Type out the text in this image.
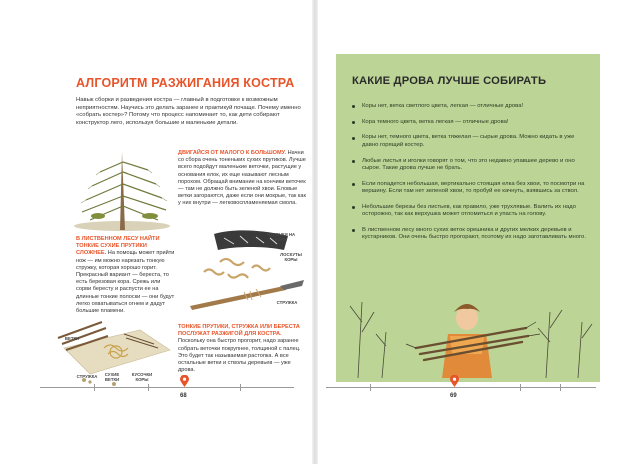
АЛГОРИТМ РАЗЖИГАНИЯ КОСТРА
Навык сборки и разведения костра — главный в подготовке к возможным неприятностям. Научись это делать заранее и практикуй почаще. Почему именно «собрать костер»? Потому что процесс напоминает то, как дети собирают конструктор лего, используя большие и маленькие детали.
ДВИГАЙСЯ ОТ МАЛОГО К БОЛЬШОМУ. Начни со сбора очень тоненьких сухих прутиков. Лучше всего подойдут маленькие веточки, растущие у основания елок, их еще называют лесным порохом. Обращай внимание на кончики веточек — там не должно быть зеленой хвои. Еловые ветки загораются, даже если они мокрые, так как у них внутри — легковоспламеняемая смола.
В ЛИСТВЕННОМ ЛЕСУ НАЙТИ ТОНКИЕ СУХИЕ ПРУТИКИ СЛОЖНЕЕ. На помощь может прийти нож — им можно нарезать тонкую стружку, которая хорошо горит. Прекрасный вариант — береста, то есть березовая кора. Срежь или сорви бересту и распусти ее на длинные тонкие полоски — они будут легко охватываться огнем и дадут большие пламени.
НАСЕЧКИ НА КОРЕ
ЛОСКУТЫ КОРЫ
СТРУЖКА
ТОНКИЕ ПРУТИКИ, СТРУЖКА ИЛИ БЕРЕСТА ПОСЛУЖАТ РАЗЖИГОЙ ДЛЯ КОСТРА. Поскольку она быстро прогорит, надо заранее собрать веточки покрупнее, толщиной с палец. Это будет так называемая растопка. А все остальные ветки и стволы деревьев — уже дрова.
ВЕТКИ
СТРУЖКА	СУХИЕ ВЕТКИ
КУСОЧКИ КОРЫ
68
КАКИЕ ДРОВА ЛУЧШЕ СОБИРАТЬ
Коры нет, ветка светлого цвета, легкая — отличные дрова!
Кора темного цвета, ветка легкая — отличные дрова!
Коры нет, темного цвета, ветка тяжелая — сырые дрова. Можно кидать в уже давно горящий костер.
Любые листья и иголки говорят о том, что это недавно упавшее дерево и оно сырое. Такие дрова лучше не брать.
Если попадется небольшая, вертикально стоящая елка без хвои, то посмотри на вершину. Если там нет зеленой хвои, то пробуй ее качнуть, взявшись за ствол.
Небольшие березы без листьев, как правило, уже трухлявые. Валить их надо осторожно, так как верхушка может отломиться и упасть на голову.
В лиственном лесу много сухих веток орешника и других мелких деревьев и кустарников. Они очень быстро прогорают, поэтому их надо заготавливать много.
69
